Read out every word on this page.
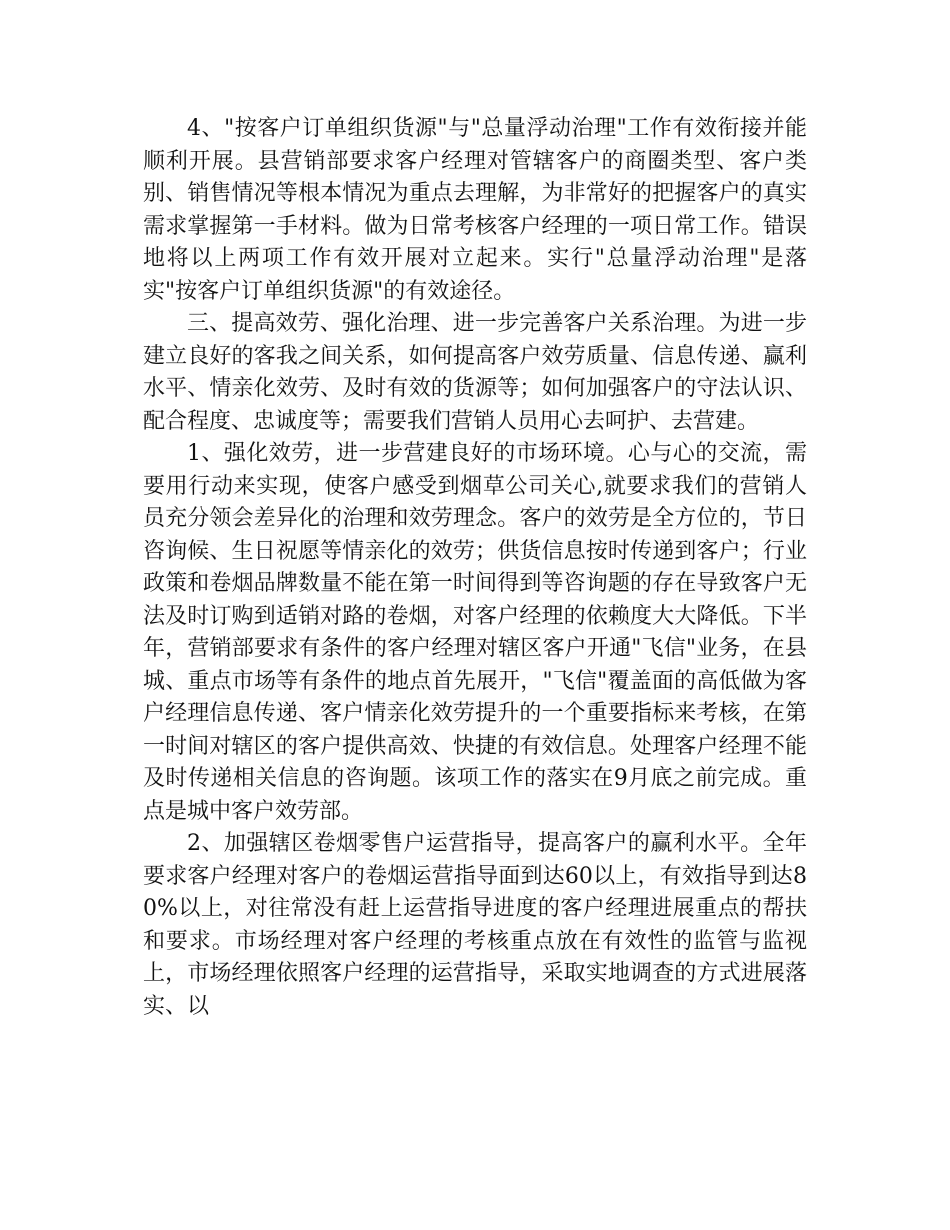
4、"按客户订单组织货源"与"总量浮动治理"工作有效衔接并能顺利开展。县营销部要求客户经理对管辖客户的商圈类型、客户类别、销售情况等根本情况为重点去理解，为非常好的把握客户的真实需求掌握第一手材料。做为日常考核客户经理的一项日常工作。错误地将以上两项工作有效开展对立起来。实行"总量浮动治理"是落实"按客户订单组织货源"的有效途径。

三、提高效劳、强化治理、进一步完善客户关系治理。为进一步建立良好的客我之间关系，如何提高客户效劳质量、信息传递、赢利水平、情亲化效劳、及时有效的货源等；如何加强客户的守法认识、配合程度、忠诚度等；需要我们营销人员用心去呵护、去营建。

1、强化效劳，进一步营建良好的市场环境。心与心的交流，需要用行动来实现，使客户感受到烟草公司关心,就要求我们的营销人员充分领会差异化的治理和效劳理念。客户的效劳是全方位的，节日咨询候、生日祝愿等情亲化的效劳；供货信息按时传递到客户；行业政策和卷烟品牌数量不能在第一时间得到等咨询题的存在导致客户无法及时订购到适销对路的卷烟，对客户经理的依赖度大大降低。下半年，营销部要求有条件的客户经理对辖区客户开通"飞信"业务，在县城、重点市场等有条件的地点首先展开，"飞信"覆盖面的高低做为客户经理信息传递、客户情亲化效劳提升的一个重要指标来考核，在第一时间对辖区的客户提供高效、快捷的有效信息。处理客户经理不能及时传递相关信息的咨询题。该项工作的落实在9月底之前完成。重点是城中客户效劳部。

2、加强辖区卷烟零售户运营指导，提高客户的赢利水平。全年要求客户经理对客户的卷烟运营指导面到达60以上，有效指导到达80%以上，对往常没有赶上运营指导进度的客户经理进展重点的帮扶和要求。市场经理对客户经理的考核重点放在有效性的监管与监视上，市场经理依照客户经理的运营指导，采取实地调查的方式进展落实、以
